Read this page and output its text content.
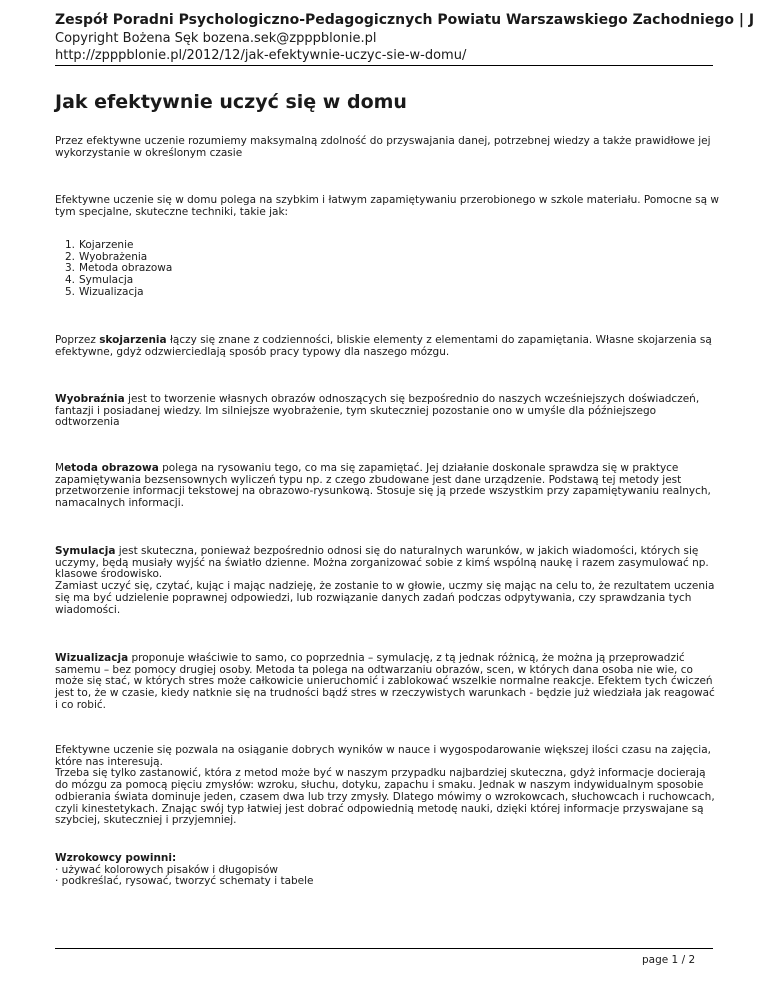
Zespół Poradni Psychologiczno-Pedagogicznych Powiatu Warszawskiego Zachodniego | J
Copyright Bożena Sęk bozena.sek@zpppblonie.pl
http://zpppblonie.pl/2012/12/jak-efektywnie-uczyc-sie-w-domu/
Jak efektywnie uczyć się w domu

Przez efektywne uczenie rozumiemy maksymalną zdolność do przyswajania danej, potrzebnej wiedzy a także prawidłowe jej wykorzystanie w określonym czasie

Efektywne uczenie się w domu polega na szybkim i łatwym zapamiętywaniu przerobionego w szkole materiału. Pomocne są w tym specjalne, skuteczne techniki, takie jak:

1. Kojarzenie
2. Wyobrażenia
3. Metoda obrazowa
4. Symulacja
5. Wizualizacja

Poprzez skojarzenia łączy się znane z codzienności, bliskie elementy z elementami do zapamiętania. Własne skojarzenia są efektywne, gdyż odzwierciedlają sposób pracy typowy dla naszego mózgu.

Wyobraźnia jest to tworzenie własnych obrazów odnoszących się bezpośrednio do naszych wcześniejszych doświadczeń, fantazji i posiadanej wiedzy. Im silniejsze wyobrażenie, tym skuteczniej pozostanie ono w umyśle dla późniejszego odtworzenia

Metoda obrazowa polega na rysowaniu tego, co ma się zapamiętać. Jej działanie doskonale sprawdza się w praktyce zapamiętywania bezsensownych wyliczeń typu np. z czego zbudowane jest dane urządzenie. Podstawą tej metody jest przetworzenie informacji tekstowej na obrazowo-rysunkową. Stosuje się ją przede wszystkim przy zapamiętywaniu realnych, namacalnych informacji.

Symulacja jest skuteczna, ponieważ bezpośrednio odnosi się do naturalnych warunków, w jakich wiadomości, których się uczymy, będą musiały wyjść na światło dzienne. Można zorganizować sobie z kimś wspólną naukę i razem zasymulować np. klasowe środowisko.
Zamiast uczyć się, czytać, kując i mając nadzieję, że zostanie to w głowie, uczmy się mając na celu to, że rezultatem uczenia się ma być udzielenie poprawnej odpowiedzi, lub rozwiązanie danych zadań podczas odpytywania, czy sprawdzania tych wiadomości.

Wizualizacja proponuje właściwie to samo, co poprzednia – symulację, z tą jednak różnicą, że można ją przeprowadzić samemu – bez pomocy drugiej osoby. Metoda ta polega na odtwarzaniu obrazów, scen, w których dana osoba nie wie, co może się stać, w których stres może całkowicie unieruchomić i zablokować wszelkie normalne reakcje. Efektem tych ćwiczeń jest to, że w czasie, kiedy natknie się na trudności bądź stres w rzeczywistych warunkach - będzie już wiedziała jak reagować i co robić.

Efektywne uczenie się pozwala na osiąganie dobrych wyników w nauce i wygospodarowanie większej ilości czasu na zajęcia, które nas interesują.
Trzeba się tylko zastanowić, która z metod może być w naszym przypadku najbardziej skuteczna, gdyż informacje docierają do mózgu za pomocą pięciu zmysłów: wzroku, słuchu, dotyku, zapachu i smaku. Jednak w naszym indywidualnym sposobie odbierania świata dominuje jeden, czasem dwa lub trzy zmysły. Dlatego mówimy o wzrokowcach, słuchowcach i ruchowcach, czyli kinestetykach. Znając swój typ łatwiej jest dobrać odpowiednią metodę nauki, dzięki której informacje przyswajane są szybciej, skuteczniej i przyjemniej.

Wzrokowcy powinni:
· używać kolorowych pisaków i długopisów
· podkreślać, rysować, tworzyć schematy i tabele
page 1 / 2
